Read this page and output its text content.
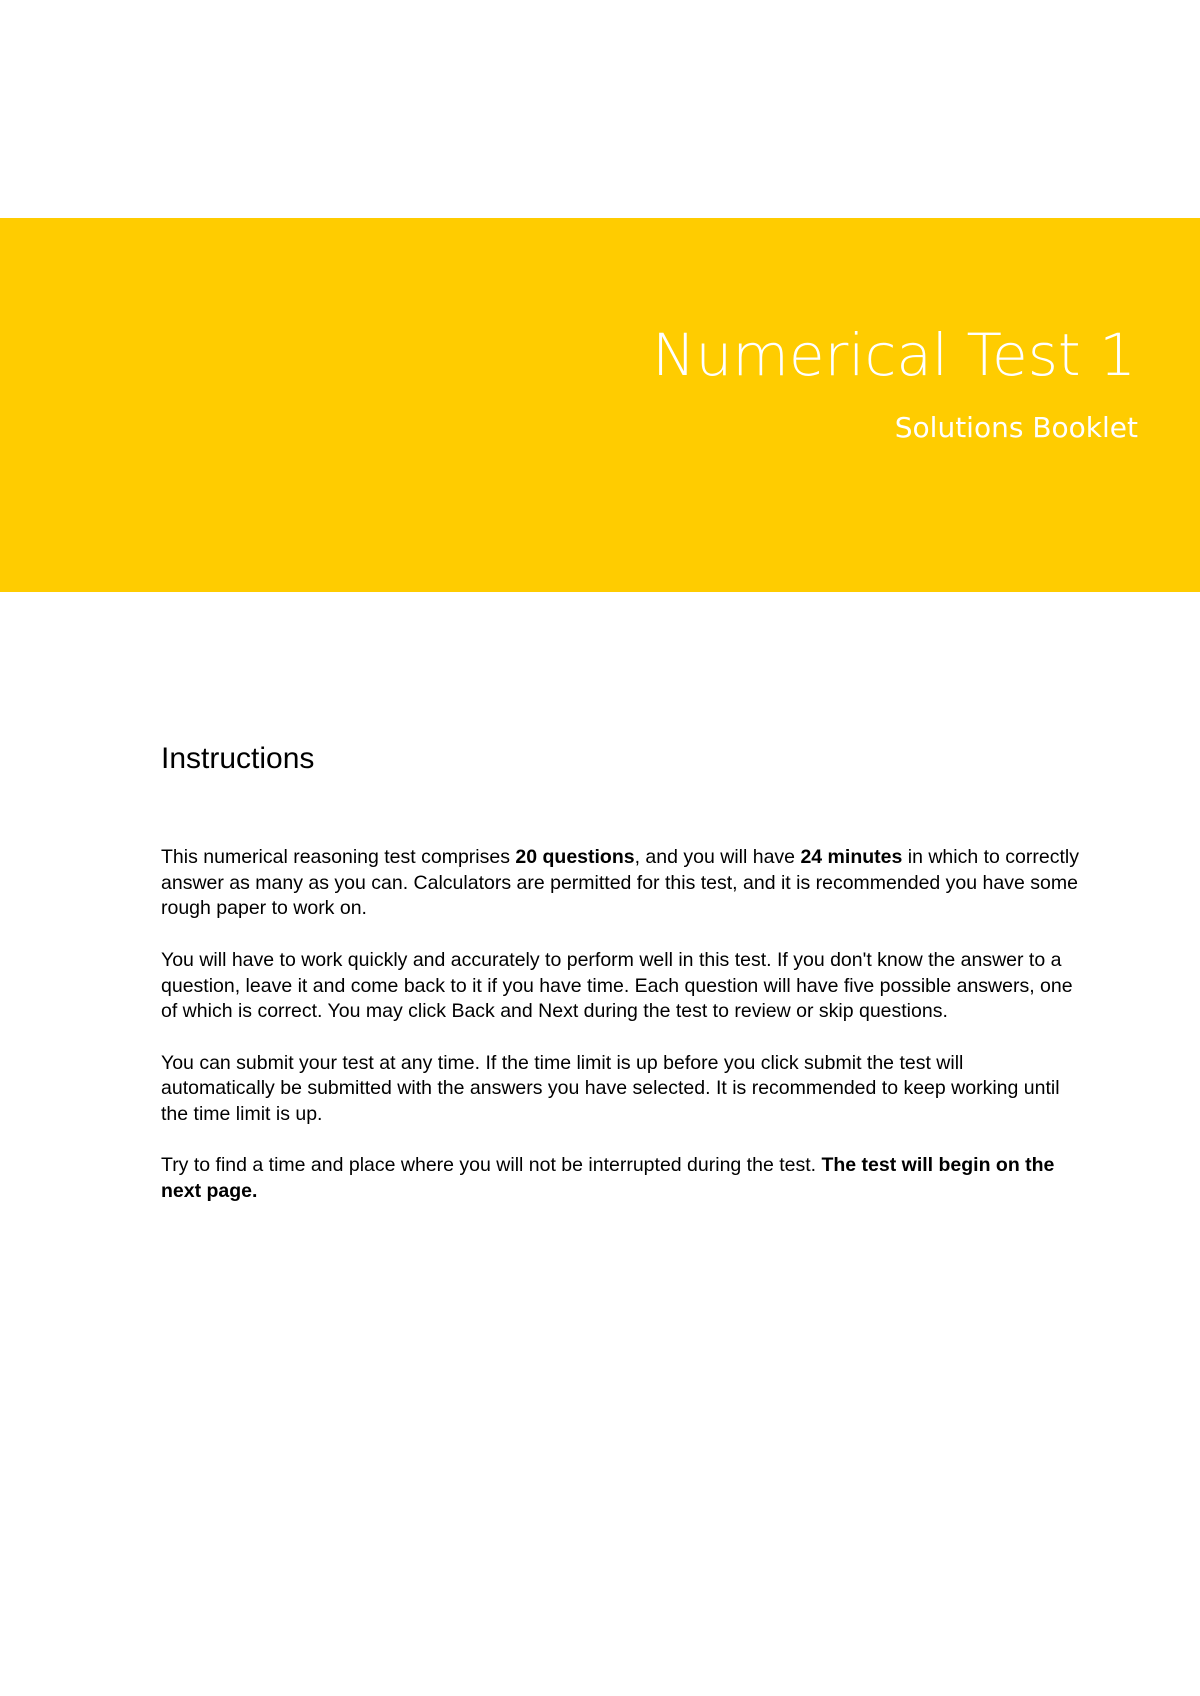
Numerical Test 1
Solutions Booklet
Instructions

This numerical reasoning test comprises 20 questions, and you will have 24 minutes in which to correctly answer as many as you can. Calculators are permitted for this test, and it is recommended you have some rough paper to work on.

You will have to work quickly and accurately to perform well in this test. If you don't know the answer to a question, leave it and come back to it if you have time. Each question will have five possible answers, one of which is correct. You may click Back and Next during the test to review or skip questions.

You can submit your test at any time. If the time limit is up before you click submit the test will automatically be submitted with the answers you have selected. It is recommended to keep working until the time limit is up.

Try to find a time and place where you will not be interrupted during the test. The test will begin on the next page.
